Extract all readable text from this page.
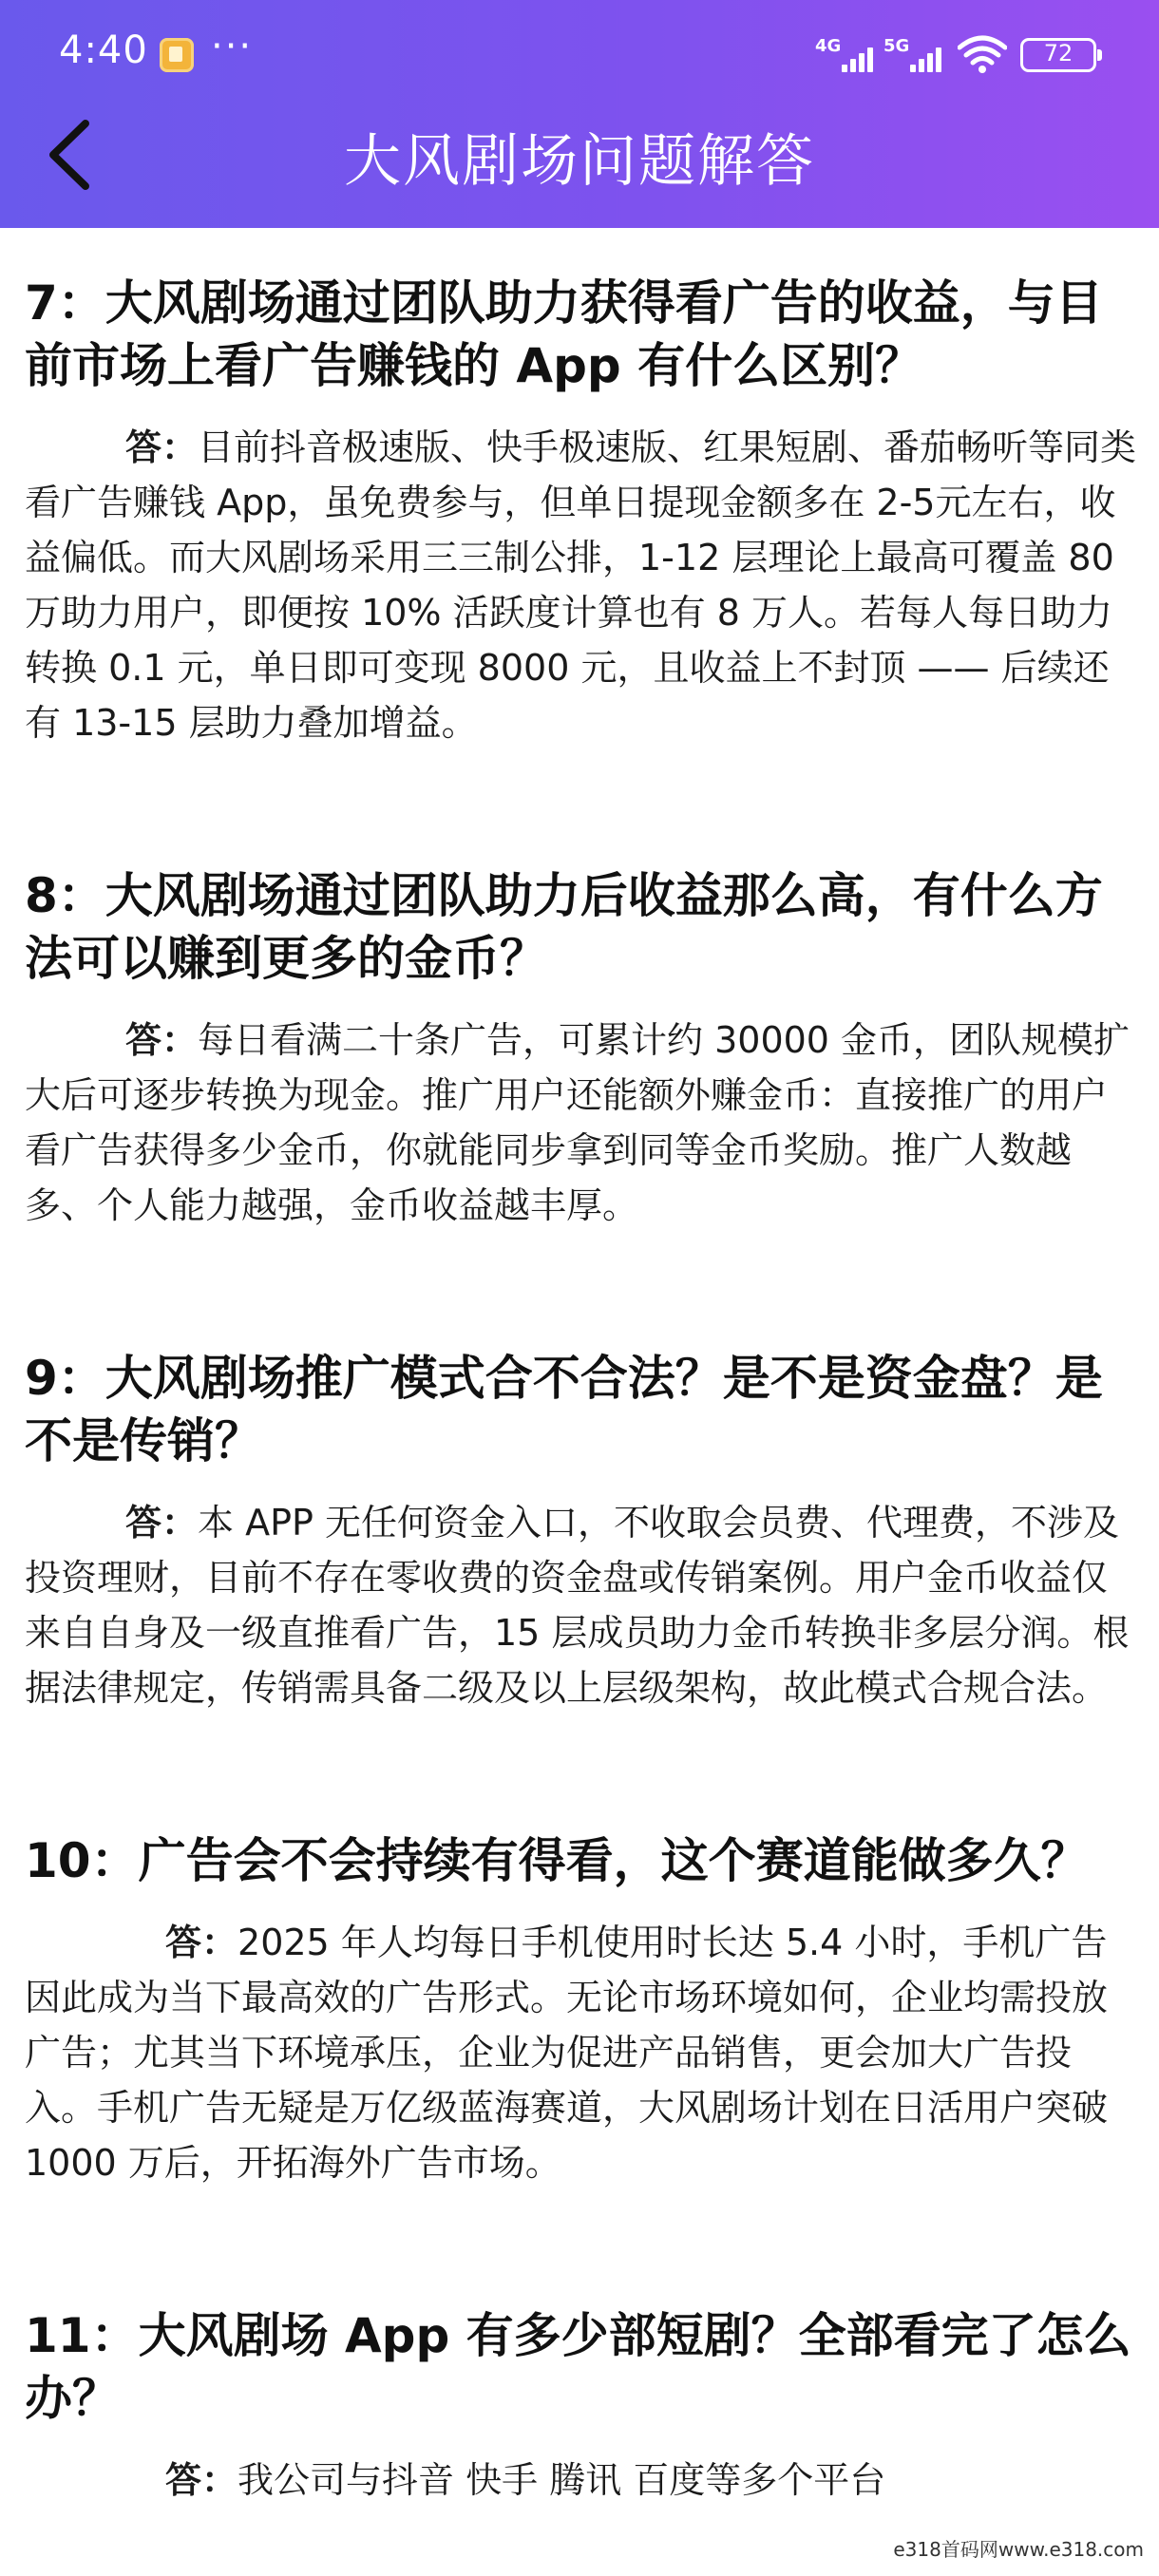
4:40 ···	4G 5G	72
大风剧场问题解答
7：大风剧场通过团队助力获得看广告的收益，与目前市场上看广告赚钱的 App 有什么区别？

答：目前抖音极速版、快手极速版、红果短剧、番茄畅听等同类看广告赚钱 App，虽免费参与，但单日提现金额多在 2-5元左右，收益偏低。而大风剧场采用三三制公排，1-12 层理论上最高可覆盖 80 万助力用户，即便按 10% 活跃度计算也有 8 万人。若每人每日助力转换 0.1 元，单日即可变现 8000 元，且收益上不封顶 —— 后续还有 13-15 层助力叠加增益。

8：大风剧场通过团队助力后收益那么高，有什么方法可以赚到更多的金币？

答：每日看满二十条广告，可累计约 30000 金币，团队规模扩大后可逐步转换为现金。推广用户还能额外赚金币：直接推广的用户看广告获得多少金币，你就能同步拿到同等金币奖励。推广人数越多、个人能力越强，金币收益越丰厚。

9：大风剧场推广模式合不合法？是不是资金盘？是不是传销？

答：本 APP 无任何资金入口，不收取会员费、代理费，不涉及投资理财，目前不存在零收费的资金盘或传销案例。用户金币收益仅来自自身及一级直推看广告，15 层成员助力金币转换非多层分润。根据法律规定，传销需具备二级及以上层级架构，故此模式合规合法。

10：广告会不会持续有得看，这个赛道能做多久？

答：2025 年人均每日手机使用时长达 5.4 小时，手机广告因此成为当下最高效的广告形式。无论市场环境如何，企业均需投放广告；尤其当下环境承压，企业为促进产品销售，更会加大广告投入。手机广告无疑是万亿级蓝海赛道，大风剧场计划在日活用户突破 1000 万后，开拓海外广告市场。

11：大风剧场 App 有多少部短剧？全部看完了怎么办？

答：我公司与抖音 快手 腾讯 百度等多个平台

e318首码网www.e318.com
